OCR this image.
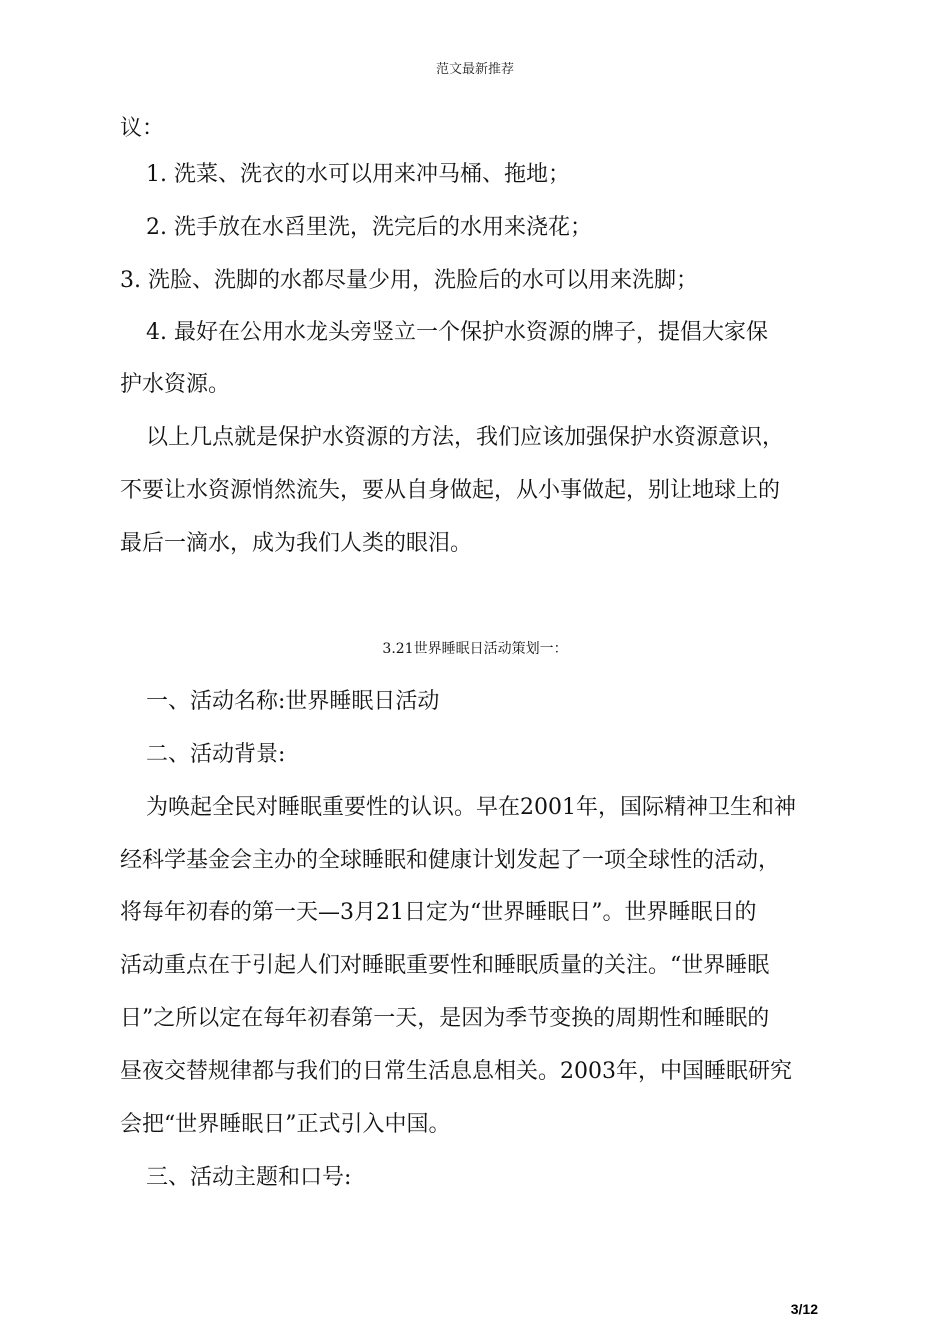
范文最新推荐
议：
1. 洗菜、洗衣的水可以用来冲马桶、拖地；
2. 洗手放在水舀里洗，洗完后的水用来浇花；
3. 洗脸、洗脚的水都尽量少用，洗脸后的水可以用来洗脚；
4. 最好在公用水龙头旁竖立一个保护水资源的牌子，提倡大家保
护水资源。
以上几点就是保护水资源的方法，我们应该加强保护水资源意识，
不要让水资源悄然流失，要从自身做起，从小事做起，别让地球上的
最后一滴水，成为我们人类的眼泪。
3.21世界睡眠日活动策划一：
一、活动名称:世界睡眠日活动
二、活动背景:
为唤起全民对睡眠重要性的认识。早在2001年，国际精神卫生和神
经科学基金会主办的全球睡眠和健康计划发起了一项全球性的活动，
将每年初春的第一天—3月21日定为“世界睡眠日”。世界睡眠日的
活动重点在于引起人们对睡眠重要性和睡眠质量的关注。“世界睡眠
日”之所以定在每年初春第一天，是因为季节变换的周期性和睡眠的
昼夜交替规律都与我们的日常生活息息相关。2003年，中国睡眠研究
会把“世界睡眠日”正式引入中国。
三、活动主题和口号:
3/12
